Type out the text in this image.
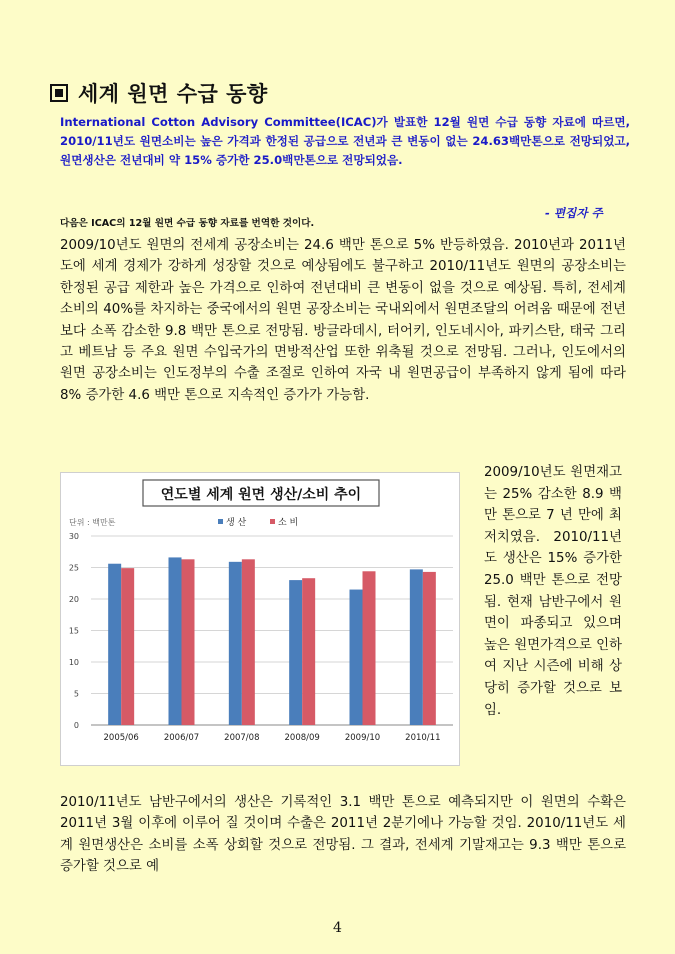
세계 원면 수급 동향
International Cotton Advisory Committee(ICAC)가 발표한 12월 원면 수급 동향 자료에 따르면, 2010/11년도 원면소비는 높은 가격과 한정된 공급으로 전년과 큰 변동이 없는 24.63백만톤으로 전망되었고, 원면생산은 전년대비 약 15% 증가한 25.0백만톤으로 전망되었음.
- 편집자 주
다음은 ICAC의 12월 원면 수급 동향 자료를 번역한 것이다.
2009/10년도 원면의 전세계 공장소비는 24.6 백만 톤으로 5% 반등하였음. 2010년과 2011년도에 세계 경제가 강하게 성장할 것으로 예상됨에도 불구하고 2010/11년도 원면의 공장소비는 한정된 공급 제한과 높은 가격으로 인하여 전년대비 큰 변동이 없을 것으로 예상됨. 특히, 전세계 소비의 40%를 차지하는 중국에서의 원면 공장소비는 국내외에서 원면조달의 어려움 때문에 전년보다 소폭 감소한 9.8 백만 톤으로 전망됨. 방글라데시, 터어키, 인도네시아, 파키스탄, 태국 그리고 베트남 등 주요 원면 수입국가의 면방적산업 또한 위축될 것으로 전망됨. 그러나, 인도에서의 원면 공장소비는 인도정부의 수출 조절로 인하여 자국 내 원면공급이 부족하지 않게 됨에 따라 8% 증가한 4.6 백만 톤으로 지속적인 증가가 가능함.
연도별 세계 원면 생산/소비 추이
단위 : 백만톤	생 산	소 비
0
5
10
15
20
25
30
2005/06	2006/07	2007/08	2008/09	2009/10	2010/11
2009/10년도 원면재고는 25% 감소한 8.9 백만 톤으로 7 년 만에 최저치였음. 2010/11년도 생산은 15% 증가한 25.0 백만 톤으로 전망됨. 현재 남반구에서 원면이 파종되고 있으며 높은 원면가격으로 인하여 지난 시즌에 비해 상당히 증가할 것으로 보임.
2010/11년도 남반구에서의 생산은 기록적인 3.1 백만 톤으로 예측되지만 이 원면의 수확은 2011년 3월 이후에 이루어 질 것이며 수출은 2011년 2분기에나 가능할 것임. 2010/11년도 세계 원면생산은 소비를 소폭 상회할 것으로 전망됨. 그 결과, 전세계 기말재고는 9.3 백만 톤으로 증가할 것으로 예
4
